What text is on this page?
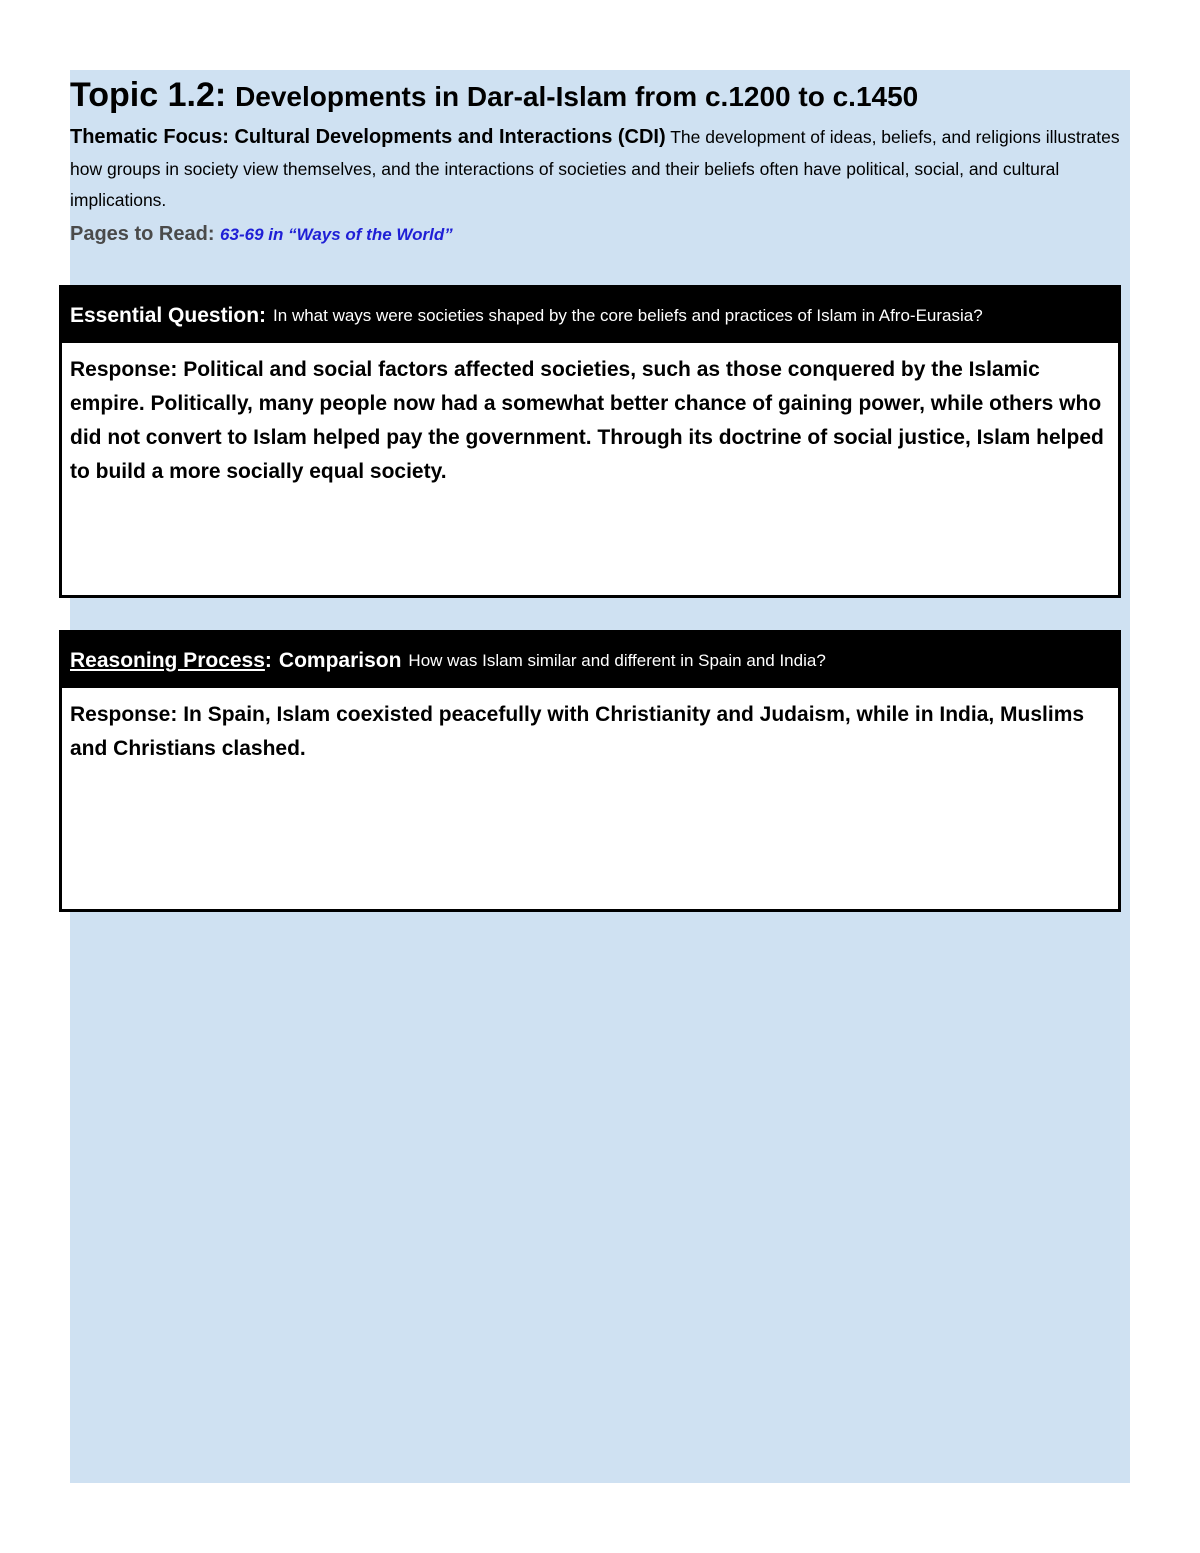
Topic 1.2: Developments in Dar-al-Islam from c.1200 to c.1450

Thematic Focus: Cultural Developments and Interactions (CDI) The development of ideas, beliefs, and religions illustrates how groups in society view themselves, and the interactions of societies and their beliefs often have political, social, and cultural implications.

Pages to Read: 63-69 in “Ways of the World”

Essential Question: In what ways were societies shaped by the core beliefs and practices of Islam in Afro-Eurasia?
Response: Political and social factors affected societies, such as those conquered by the Islamic empire. Politically, many people now had a somewhat better chance of gaining power, while others who did not convert to Islam helped pay the government. Through its doctrine of social justice, Islam helped to build a more socially equal society.
Reasoning Process : Comparison How was Islam similar and different in Spain and India?
Response: In Spain, Islam coexisted peacefully with Christianity and Judaism, while in India, Muslims and Christians clashed.
